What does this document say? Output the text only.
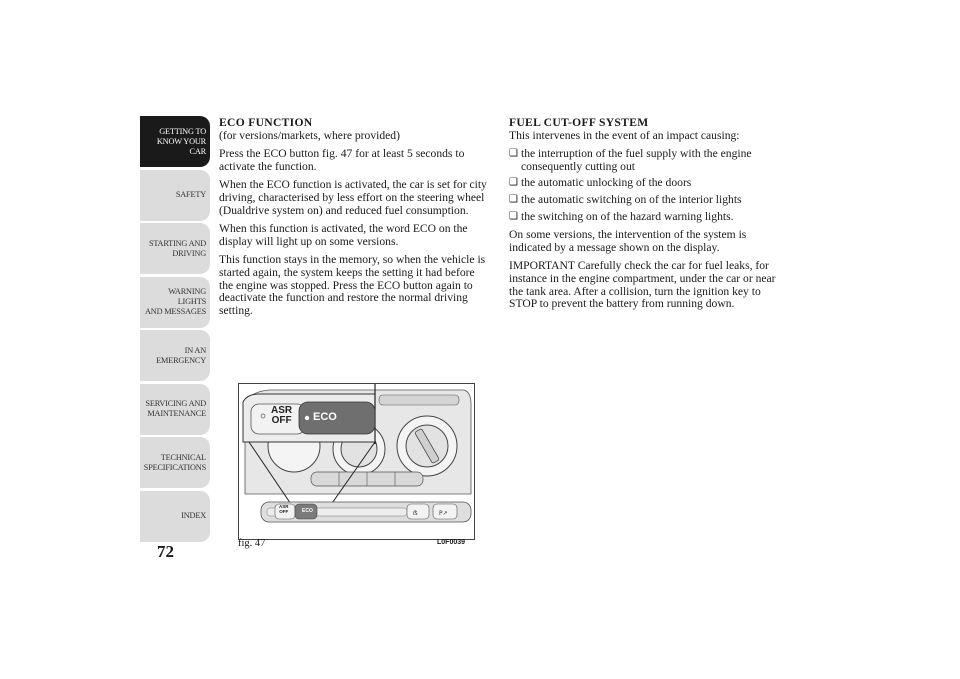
GETTING TO
KNOW YOUR CAR
SAFETY
STARTING AND
DRIVING
WARNING LIGHTS
AND MESSAGES
IN AN EMERGENCY
SERVICING AND
MAINTENANCE
TECHNICAL
SPECIFICATIONS
INDEX
72
ECO FUNCTION

(for versions/markets, where provided)

Press the ECO button fig. 47 for at least 5 seconds to activate the function.

When the ECO function is activated, the car is set for city driving, characterised by less effort on the steering wheel (Dualdrive system on) and reduced fuel consumption.

When this function is activated, the word ECO on the display will light up on some versions.

This function stays in the memory, so when the vehicle is started again, the system keeps the setting it had before the engine was stopped. Press the ECO button again to deactivate the function and restore the normal driving setting.

FUEL CUT-OFF SYSTEM

This intervenes in the event of an impact causing:

❑ the interruption of the fuel supply with the engine consequently cutting out
❑ the automatic unlocking of the doors
❑ the automatic switching on of the interior lights
❑ the switching on of the hazard warning lights.

On some versions, the intervention of the system is indicated by a message shown on the display.

IMPORTANT Carefully check the car for fuel leaks, for instance in the engine compartment, under the car or near the tank area. After a collision, turn the ignition key to STOP to prevent the battery from running down.

ẞ	P↗
ASR
OFF ECO
ASR
OFF	ECO
fig. 47	L0F0039
